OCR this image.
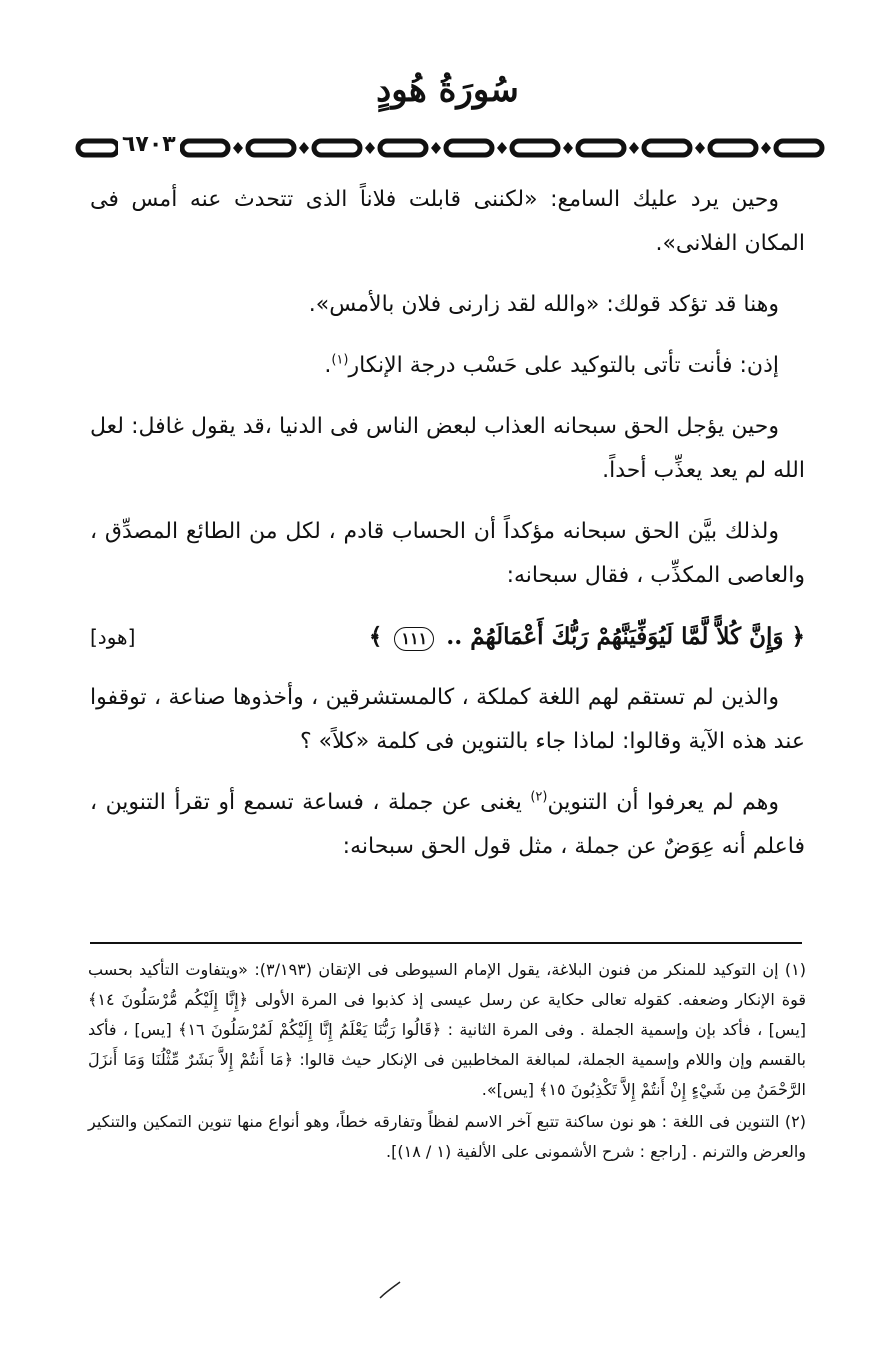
سُورَةُ هُودٍ
٦٧٠٣

وحين يرد عليك السامع: «لكننى قابلت فلاناً الذى تتحدث عنه أمس فى المكان الفلانى».

وهنا قد تؤكد قولك: «والله لقد زارنى فلان بالأمس».

إذن: فأنت تأتى بالتوكيد على حَسْب درجة الإنكار$^{(١)}$.

وحين يؤجل الحق سبحانه العذاب لبعض الناس فى الدنيا ،قد يقول غافل: لعل الله لم يعد يعذِّب أحداً.

ولذلك بيَّن الحق سبحانه مؤكداً أن الحساب قادم ، لكل من الطائع المصدِّق ، والعاصى المكذِّب ، فقال سبحانه:

﴿ وَإِنَّ كُلاًّ لَّمَّا لَيُوَفِّيَنَّهُمْ رَبُّكَ أَعْمَالَهُمْ .. ١١١ ﴾
[هود]

والذين لم تستقم لهم اللغة كملكة ، كالمستشرقين ، وأخذوها صناعة ، توقفوا عند هذه الآية وقالوا: لماذا جاء بالتنوين فى كلمة «كلاً» ؟

وهم لم يعرفوا أن التنوين$^{(٢)}$ يغنى عن جملة ، فساعة تسمع أو تقرأ التنوين ، فاعلم أنه عِوَضٌ عن جملة ، مثل قول الحق سبحانه:

(١) إن التوكيد للمنكر من فنون البلاغة، يقول الإمام السيوطى فى الإتقان (٣/١٩٣): «ويتفاوت التأكيد بحسب قوة الإنكار وضعفه. كقوله تعالى حكاية عن رسل عيسى إذ كذبوا فى المرة الأولى ﴿إِنَّا إِلَيْكُم مُّرْسَلُونَ ١٤﴾ [يس] ، فأكد بإن وإسمية الجملة . وفى المرة الثانية : ﴿قَالُوا رَبُّنَا يَعْلَمُ إِنَّا إِلَيْكُمْ لَمُرْسَلُونَ ١٦﴾ [يس] ، فأكد بالقسم وإن واللام وإسمية الجملة، لمبالغة المخاطبين فى الإنكار حيث قالوا: ﴿مَا أَنتُمْ إِلاَّ بَشَرٌ مِّثْلُنَا وَمَا أَنزَلَ الرَّحْمَنُ مِن شَيْءٍ إِنْ أَنتُمْ إِلاَّ تَكْذِبُونَ ١٥﴾ [يس]».

(٢) التنوين فى اللغة : هو نون ساكنة تتبع آخر الاسم لفظاً وتفارقه خطاً، وهو أنواع منها تنوين التمكين والتنكير والعرض والترنم . [راجع : شرح الأشمونى على الألفية (١ / ١٨)].
